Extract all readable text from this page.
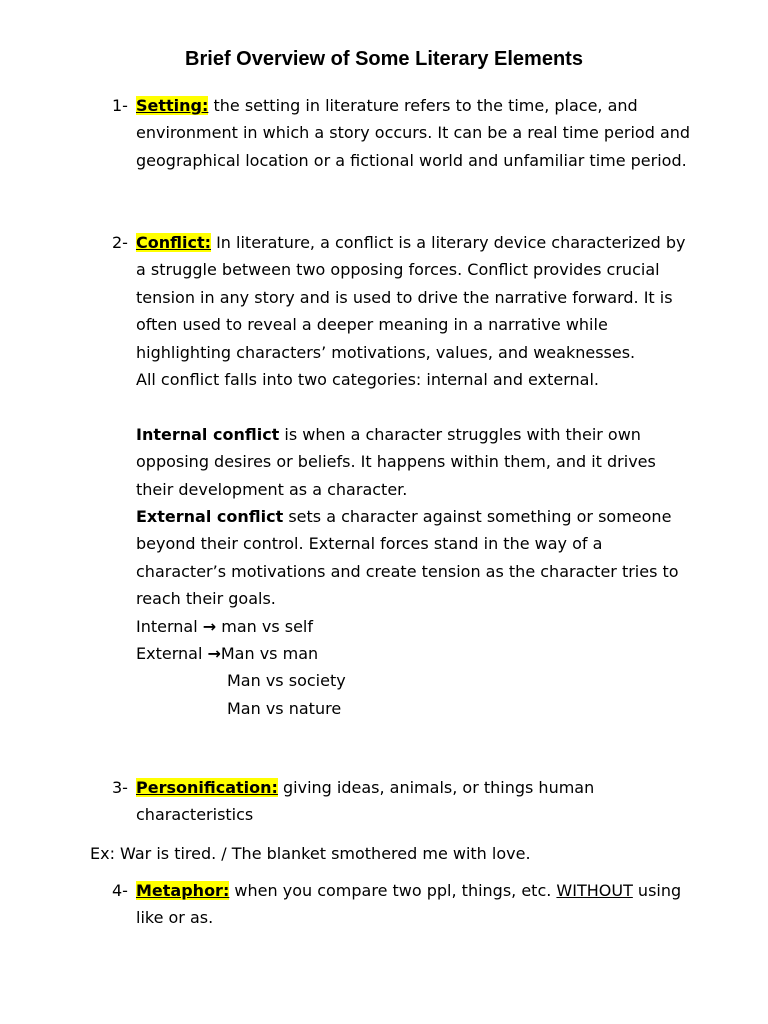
Brief Overview of Some Literary Elements
1- Setting: the setting in literature refers to the time, place, and environment in which a story occurs. It can be a real time period and geographical location or a fictional world and unfamiliar time period.
2- Conflict: In literature, a conflict is a literary device characterized by a struggle between two opposing forces. Conflict provides crucial tension in any story and is used to drive the narrative forward. It is often used to reveal a deeper meaning in a narrative while highlighting characters’ motivations, values, and weaknesses.
All conflict falls into two categories: internal and external.
Internal conflict is when a character struggles with their own opposing desires or beliefs. It happens within them, and it drives their development as a character.
External conflict sets a character against something or someone beyond their control. External forces stand in the way of a character’s motivations and create tension as the character tries to reach their goals.
Internal → man vs self
External →Man vs man
Man vs society
Man vs nature
3- Personification: giving ideas, animals, or things human characteristics
Ex: War is tired. / The blanket smothered me with love.
4- Metaphor: when you compare two ppl, things, etc. WITHOUT using like or as.
